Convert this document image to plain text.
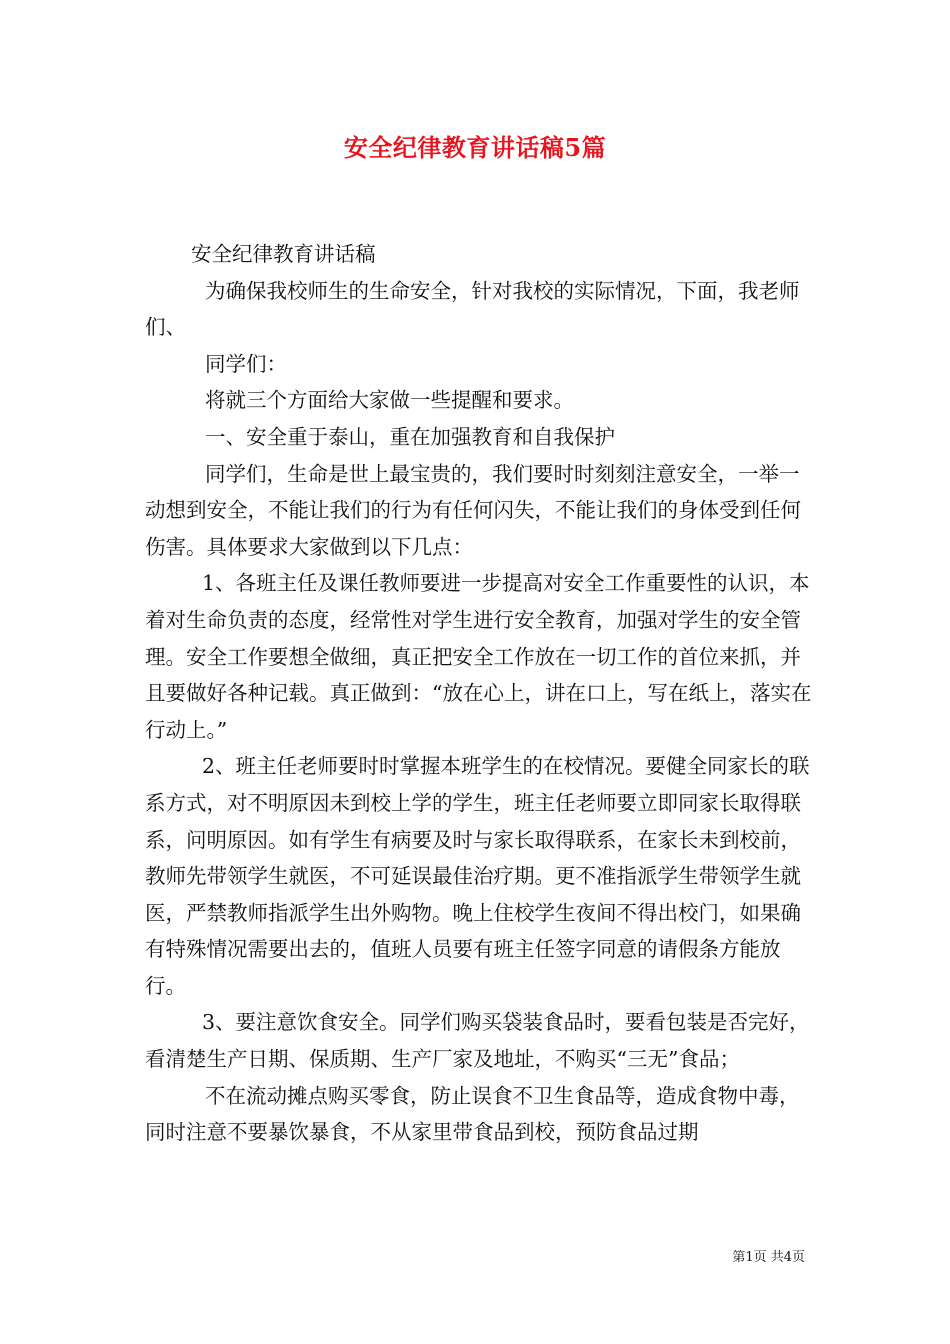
安全纪律教育讲话稿5篇

安全纪律教育讲话稿

为确保我校师生的生命安全，针对我校的实际情况，下面，我老师们、

同学们：

将就三个方面给大家做一些提醒和要求。

一、安全重于泰山，重在加强教育和自我保护

同学们，生命是世上最宝贵的，我们要时时刻刻注意安全，一举一动想到安全，不能让我们的行为有任何闪失，不能让我们的身体受到任何伤害。具体要求大家做到以下几点：

1、各班主任及课任教师要进一步提高对安全工作重要性的认识，本着对生命负责的态度，经常性对学生进行安全教育，加强对学生的安全管理。安全工作要想全做细，真正把安全工作放在一切工作的首位来抓，并且要做好各种记载。真正做到：“放在心上，讲在口上，写在纸上，落实在行动上。”

2、班主任老师要时时掌握本班学生的在校情况。要健全同家长的联系方式，对不明原因未到校上学的学生，班主任老师要立即同家长取得联系，问明原因。如有学生有病要及时与家长取得联系，在家长未到校前，教师先带领学生就医，不可延误最佳治疗期。更不准指派学生带领学生就医，严禁教师指派学生出外购物。晚上住校学生夜间不得出校门，如果确有特殊情况需要出去的，值班人员要有班主任签字同意的请假条方能放行。

3、要注意饮食安全。同学们购买袋装食品时，要看包装是否完好，看清楚生产日期、保质期、生产厂家及地址，不购买“三无”食品；

不在流动摊点购买零食，防止误食不卫生食品等，造成食物中毒，同时注意不要暴饮暴食，不从家里带食品到校，预防食品过期

第1页 共4页
